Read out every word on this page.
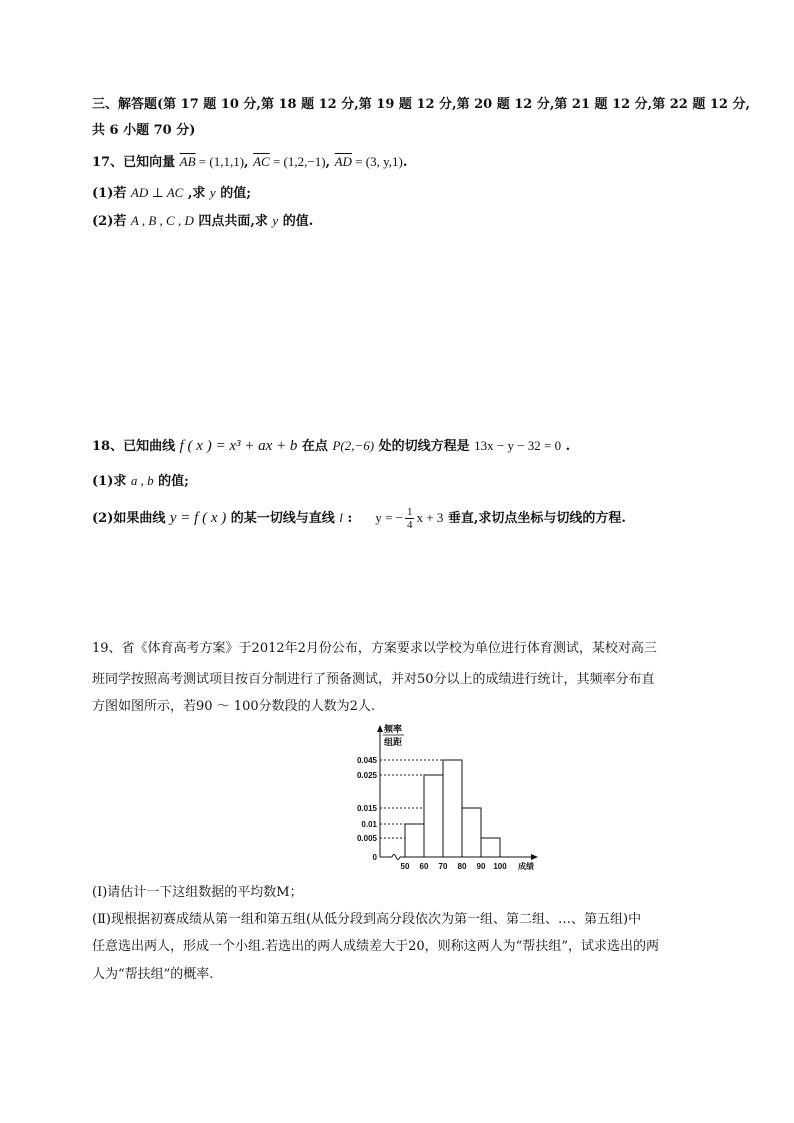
三、解答题(第 17 题 10 分,第 18 题 12 分,第 19 题 12 分,第 20 题 12 分,第 21 题 12 分,第 22 题 12 分,
共 6 小题 70 分)
17、已知向量 $\overline{AB} = (1,1,1)$, $\overline{AC} = (1,2,-1)$, $\overline{AD} = (3$, y,1).
(1)若 AD ⊥ AC ,求 y 的值;
(2)若 A , B , C , D 四点共面,求 y 的值.
18、已知曲线 f ( x ) = x³ + ax + b 在点 P(2,−6) 处的切线方程是 13x − y − 32 = 0 .
(1)求 a , b 的值;
(2)如果曲线 y = f ( x ) 的某一切线与直线 l : y = − $\frac{1}{4}$ x + 3 垂直,求切点坐标与切线的方程.
19、省《体育高考方案》于2012年2月份公布，方案要求以学校为单位进行体育测试，某校对高三
班同学按照高考测试项目按百分制进行了预备测试，并对50分以上的成绩进行统计，其频率分布直
方图如图所示，若90 ～ 100分数段的人数为2人.
0.045
0.025
0.015
0.01
0.005
0
频率
组距
50 60 70 80 90 100 成绩
(Ⅰ)请估计一下这组数据的平均数M；
(Ⅱ)现根据初赛成绩从第一组和第五组(从低分段到高分段依次为第一组、第二组、…、第五组)中
任意选出两人，形成一个小组.若选出的两人成绩差大于20，则称这两人为“帮扶组”，试求选出的两
人为“帮扶组”的概率.
